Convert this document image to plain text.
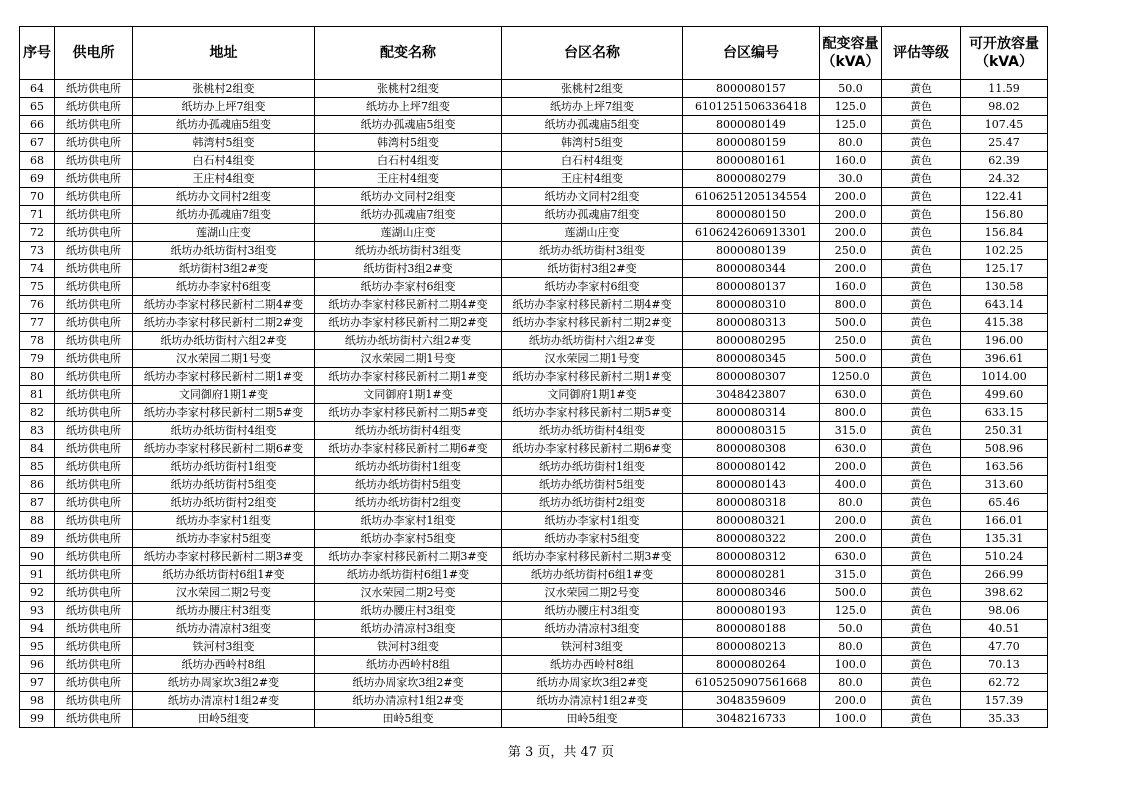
序号	供电所	地址	配变名称	台区名称	台区编号	配变容量（kVA）	评估等级	可开放容量（kVA）
64	纸坊供电所	张桃村2组变	张桃村2组变	张桃村2组变	8000080157	50.0	黄色	11.59
65	纸坊供电所	纸坊办上坪7组变	纸坊办上坪7组变	纸坊办上坪7组变	6101251506336418	125.0	黄色	98.02
66	纸坊供电所	纸坊办孤魂庙5组变	纸坊办孤魂庙5组变	纸坊办孤魂庙5组变	8000080149	125.0	黄色	107.45
67	纸坊供电所	韩湾村5组变	韩湾村5组变	韩湾村5组变	8000080159	80.0	黄色	25.47
68	纸坊供电所	白石村4组变	白石村4组变	白石村4组变	8000080161	160.0	黄色	62.39
69	纸坊供电所	王庄村4组变	王庄村4组变	王庄村4组变	8000080279	30.0	黄色	24.32
70	纸坊供电所	纸坊办文同村2组变	纸坊办文同村2组变	纸坊办文同村2组变	6106251205134554	200.0	黄色	122.41
71	纸坊供电所	纸坊办孤魂庙7组变	纸坊办孤魂庙7组变	纸坊办孤魂庙7组变	8000080150	200.0	黄色	156.80
72	纸坊供电所	莲湖山庄变	莲湖山庄变	莲湖山庄变	6106242606913301	200.0	黄色	156.84
73	纸坊供电所	纸坊办纸坊街村3组变	纸坊办纸坊街村3组变	纸坊办纸坊街村3组变	8000080139	250.0	黄色	102.25
74	纸坊供电所	纸坊街村3组2#变	纸坊街村3组2#变	纸坊街村3组2#变	8000080344	200.0	黄色	125.17
75	纸坊供电所	纸坊办李家村6组变	纸坊办李家村6组变	纸坊办李家村6组变	8000080137	160.0	黄色	130.58
76	纸坊供电所	纸坊办李家村移民新村二期4#变	纸坊办李家村移民新村二期4#变	纸坊办李家村移民新村二期4#变	8000080310	800.0	黄色	643.14
77	纸坊供电所	纸坊办李家村移民新村二期2#变	纸坊办李家村移民新村二期2#变	纸坊办李家村移民新村二期2#变	8000080313	500.0	黄色	415.38
78	纸坊供电所	纸坊办纸坊街村六组2#变	纸坊办纸坊街村六组2#变	纸坊办纸坊街村六组2#变	8000080295	250.0	黄色	196.00
79	纸坊供电所	汉水荣园二期1号变	汉水荣园二期1号变	汉水荣园二期1号变	8000080345	500.0	黄色	396.61
80	纸坊供电所	纸坊办李家村移民新村二期1#变	纸坊办李家村移民新村二期1#变	纸坊办李家村移民新村二期1#变	8000080307	1250.0	黄色	1014.00
81	纸坊供电所	文同御府1期1#变	文同御府1期1#变	文同御府1期1#变	3048423807	630.0	黄色	499.60
82	纸坊供电所	纸坊办李家村移民新村二期5#变	纸坊办李家村移民新村二期5#变	纸坊办李家村移民新村二期5#变	8000080314	800.0	黄色	633.15
83	纸坊供电所	纸坊办纸坊街村4组变	纸坊办纸坊街村4组变	纸坊办纸坊街村4组变	8000080315	315.0	黄色	250.31
84	纸坊供电所	纸坊办李家村移民新村二期6#变	纸坊办李家村移民新村二期6#变	纸坊办李家村移民新村二期6#变	8000080308	630.0	黄色	508.96
85	纸坊供电所	纸坊办纸坊街村1组变	纸坊办纸坊街村1组变	纸坊办纸坊街村1组变	8000080142	200.0	黄色	163.56
86	纸坊供电所	纸坊办纸坊街村5组变	纸坊办纸坊街村5组变	纸坊办纸坊街村5组变	8000080143	400.0	黄色	313.60
87	纸坊供电所	纸坊办纸坊街村2组变	纸坊办纸坊街村2组变	纸坊办纸坊街村2组变	8000080318	80.0	黄色	65.46
88	纸坊供电所	纸坊办李家村1组变	纸坊办李家村1组变	纸坊办李家村1组变	8000080321	200.0	黄色	166.01
89	纸坊供电所	纸坊办李家村5组变	纸坊办李家村5组变	纸坊办李家村5组变	8000080322	200.0	黄色	135.31
90	纸坊供电所	纸坊办李家村移民新村二期3#变	纸坊办李家村移民新村二期3#变	纸坊办李家村移民新村二期3#变	8000080312	630.0	黄色	510.24
91	纸坊供电所	纸坊办纸坊街村6组1#变	纸坊办纸坊街村6组1#变	纸坊办纸坊街村6组1#变	8000080281	315.0	黄色	266.99
92	纸坊供电所	汉水荣园二期2号变	汉水荣园二期2号变	汉水荣园二期2号变	8000080346	500.0	黄色	398.62
93	纸坊供电所	纸坊办腰庄村3组变	纸坊办腰庄村3组变	纸坊办腰庄村3组变	8000080193	125.0	黄色	98.06
94	纸坊供电所	纸坊办清凉村3组变	纸坊办清凉村3组变	纸坊办清凉村3组变	8000080188	50.0	黄色	40.51
95	纸坊供电所	铁河村3组变	铁河村3组变	铁河村3组变	8000080213	80.0	黄色	47.70
96	纸坊供电所	纸坊办西岭村8组	纸坊办西岭村8组	纸坊办西岭村8组	8000080264	100.0	黄色	70.13
97	纸坊供电所	纸坊办周家坎3组2#变	纸坊办周家坎3组2#变	纸坊办周家坎3组2#变	6105250907561668	80.0	黄色	62.72
98	纸坊供电所	纸坊办清凉村1组2#变	纸坊办清凉村1组2#变	纸坊办清凉村1组2#变	3048359609	200.0	黄色	157.39
99	纸坊供电所	田岭5组变	田岭5组变	田岭5组变	3048216733	100.0	黄色	35.33
第 3 页，共 47 页
